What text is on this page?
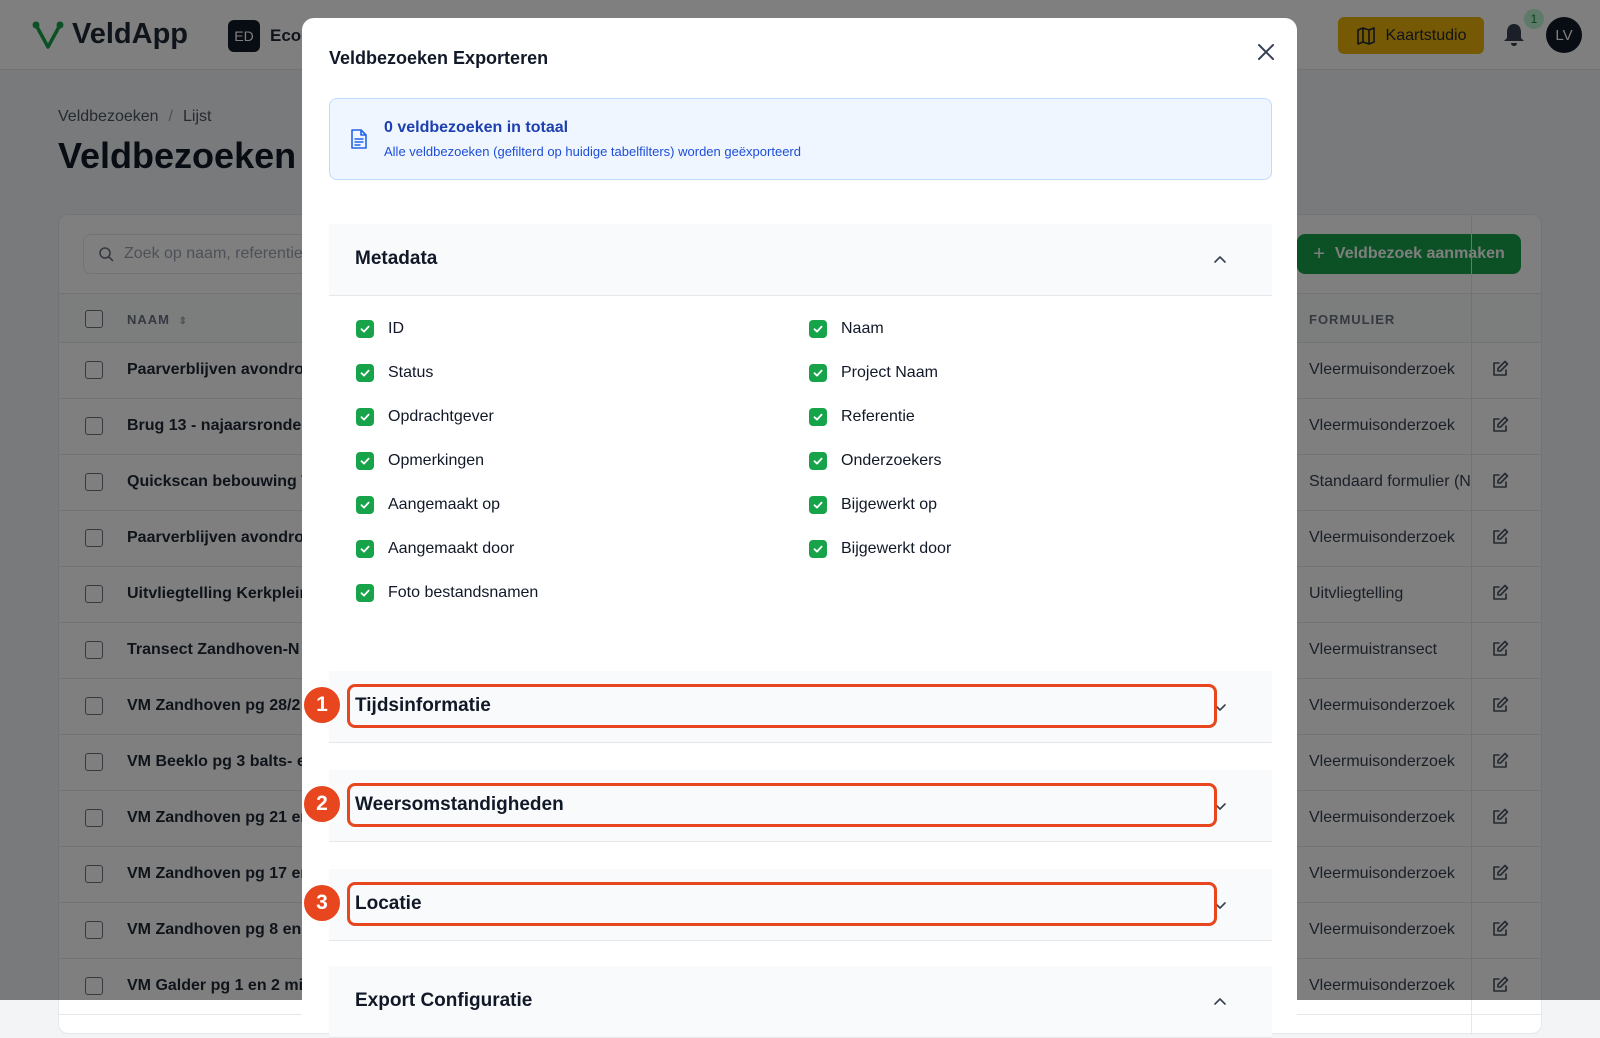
Veldbezoeken Exporteren
0 veldbezoeken in totaal
Alle veldbezoeken (gefilterd op huidige tabelfilters) worden geëxporteerd
Metadata
ID
Status
Opdrachtgever
Opmerkingen
Aangemaakt op
Aangemaakt door
Foto bestandsnamen
Naam
Project Naam
Referentie
Onderzoekers
Bijgewerkt op
Bijgewerkt door
Tijdsinformatie
Weersomstandigheden
Locatie
Export Configuratie
1
2
3
